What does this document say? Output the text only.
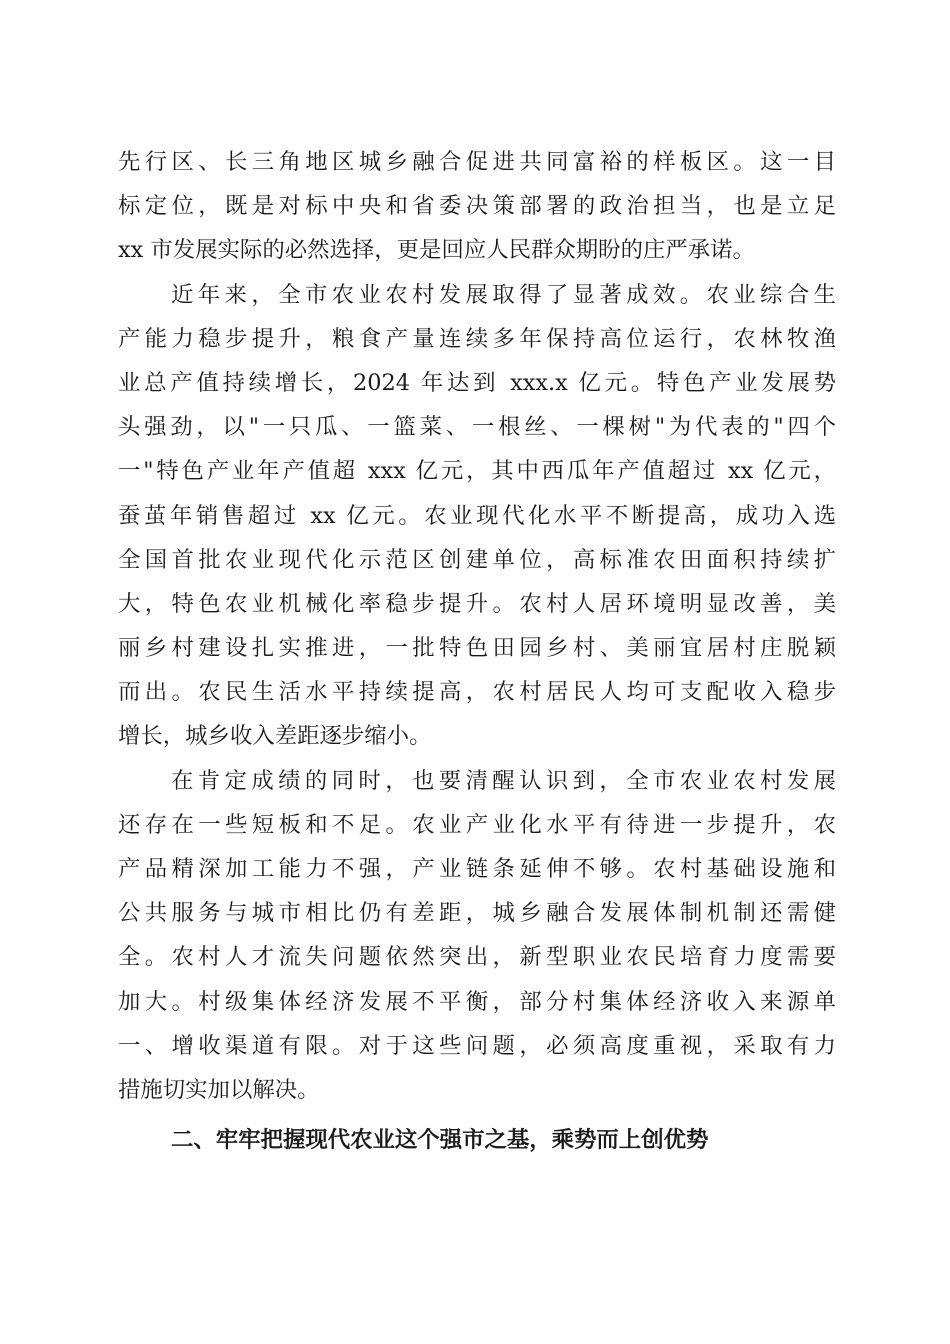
先行区、长三角地区城乡融合促进共同富裕的样板区。这一目
标定位，既是对标中央和省委决策部署的政治担当，也是立足
xx 市发展实际的必然选择，更是回应人民群众期盼的庄严承诺。
近年来，全市农业农村发展取得了显著成效。农业综合生
产能力稳步提升，粮食产量连续多年保持高位运行，农林牧渔
业总产值持续增长，2024 年达到 xxx.x 亿元。特色产业发展势
头强劲，以"一只瓜、一篮菜、一根丝、一棵树"为代表的"四个
一"特色产业年产值超 xxx 亿元，其中西瓜年产值超过 xx 亿元，
蚕茧年销售超过 xx 亿元。农业现代化水平不断提高，成功入选
全国首批农业现代化示范区创建单位，高标准农田面积持续扩
大，特色农业机械化率稳步提升。农村人居环境明显改善，美
丽乡村建设扎实推进，一批特色田园乡村、美丽宜居村庄脱颖
而出。农民生活水平持续提高，农村居民人均可支配收入稳步
增长，城乡收入差距逐步缩小。
在肯定成绩的同时，也要清醒认识到，全市农业农村发展
还存在一些短板和不足。农业产业化水平有待进一步提升，农
产品精深加工能力不强，产业链条延伸不够。农村基础设施和
公共服务与城市相比仍有差距，城乡融合发展体制机制还需健
全。农村人才流失问题依然突出，新型职业农民培育力度需要
加大。村级集体经济发展不平衡，部分村集体经济收入来源单
一、增收渠道有限。对于这些问题，必须高度重视，采取有力
措施切实加以解决。
二、牢牢把握现代农业这个强市之基，乘势而上创优势
